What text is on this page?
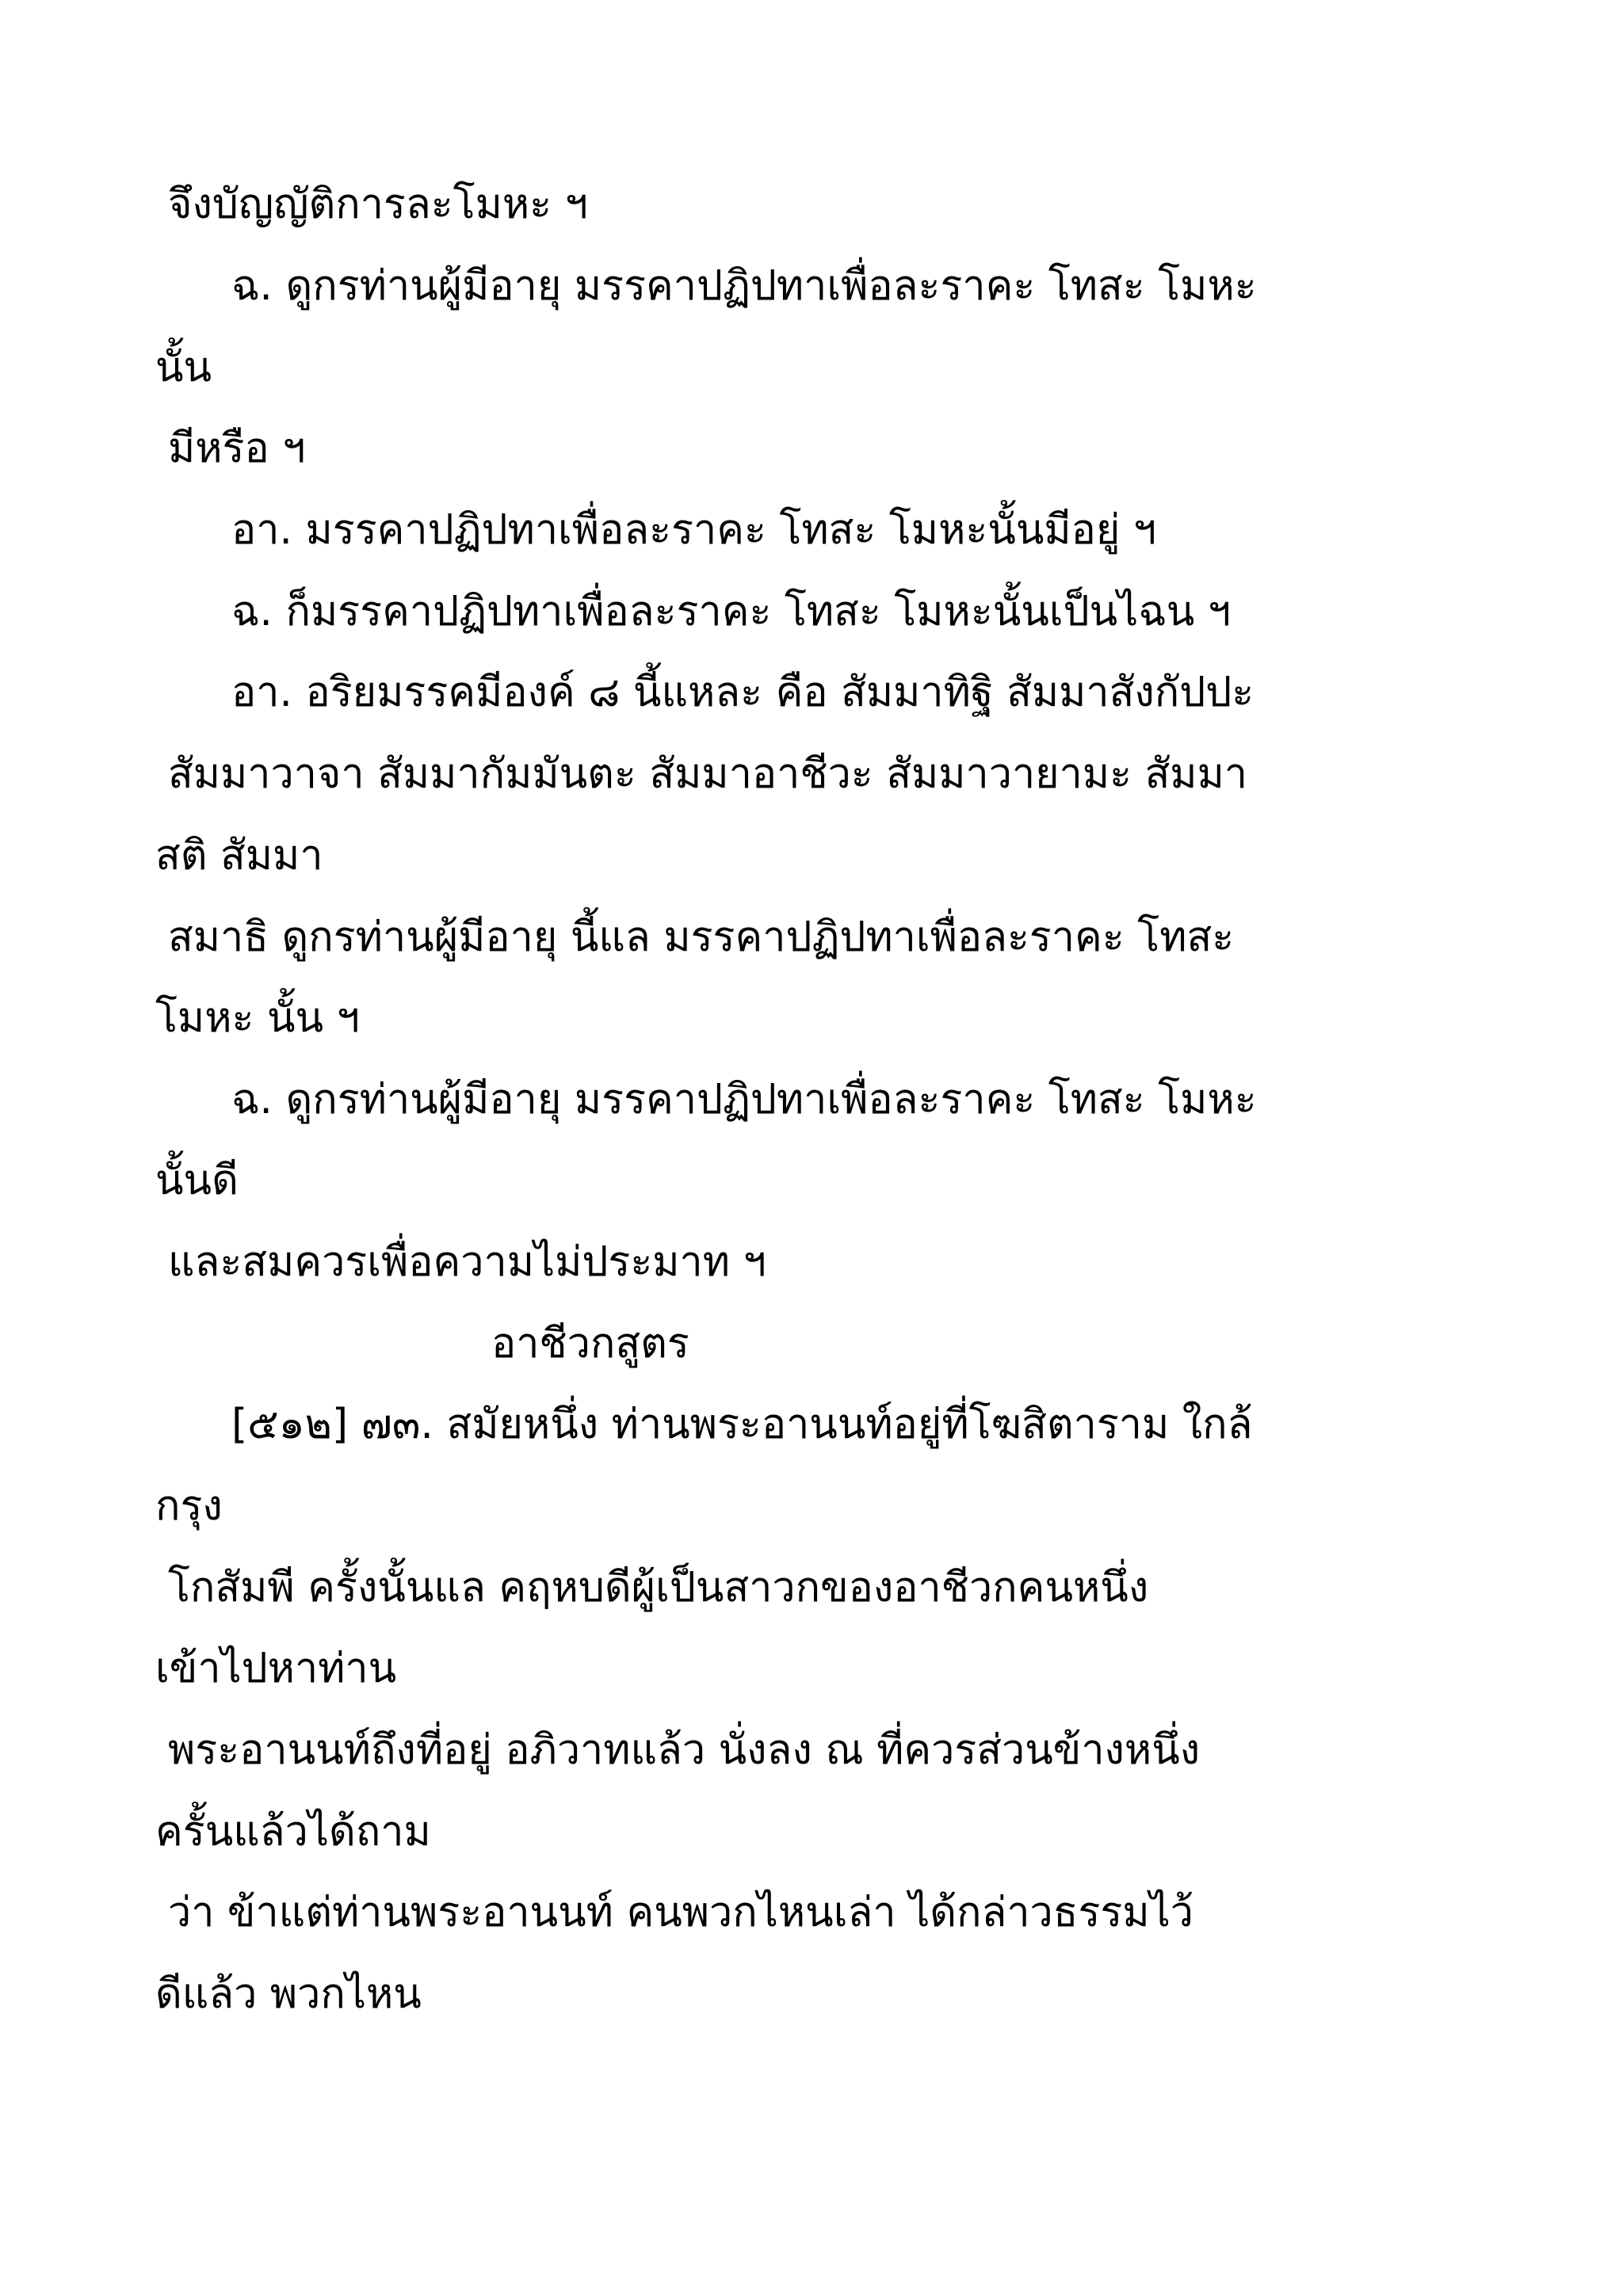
จึงบัญญัติการละโมหะ ฯ
ฉ. ดูกรท่านผู้มีอายุ มรรคาปฏิปทาเพื่อละราคะ โทสะ โมหะ
นั้น
มีหรือ ฯ
อา. มรรคาปฏิปทาเพื่อละราคะ โทสะ โมหะนั้นมีอยู่ ฯ
ฉ. ก็มรรคาปฏิปทาเพื่อละราคะ โทสะ โมหะนั้นเป็นไฉน ฯ
อา. อริยมรรคมีองค์ ๘ นี้แหละ คือ สัมมาทิฐิ สัมมาสังกัปปะ
สัมมาวาจา สัมมากัมมันตะ สัมมาอาชีวะ สัมมาวายามะ สัมมา
สติ สัมมา
สมาธิ ดูกรท่านผู้มีอายุ นี้แล มรรคาปฏิปทาเพื่อละราคะ โทสะ
โมหะ นั้น ฯ
ฉ. ดูกรท่านผู้มีอายุ มรรคาปฏิปทาเพื่อละราคะ โทสะ โมหะ
นั้นดี
และสมควรเพื่อความไม่ประมาท ฯ
อาชีวกสูตร
[๕๑๒] ๗๓. สมัยหนึ่ง ท่านพระอานนท์อยู่ที่โฆสิตาราม ใกล้
กรุง
โกสัมพี ครั้งนั้นแล คฤหบดีผู้เป็นสาวกของอาชีวกคนหนึ่ง
เข้าไปหาท่าน
พระอานนท์ถึงที่อยู่ อภิวาทแล้ว นั่งลง ณ ที่ควรส่วนข้างหนึ่ง
ครั้นแล้วได้ถาม
ว่า ข้าแต่ท่านพระอานนท์ คนพวกไหนเล่า ได้กล่าวธรรมไว้
ดีแล้ว พวกไหน
